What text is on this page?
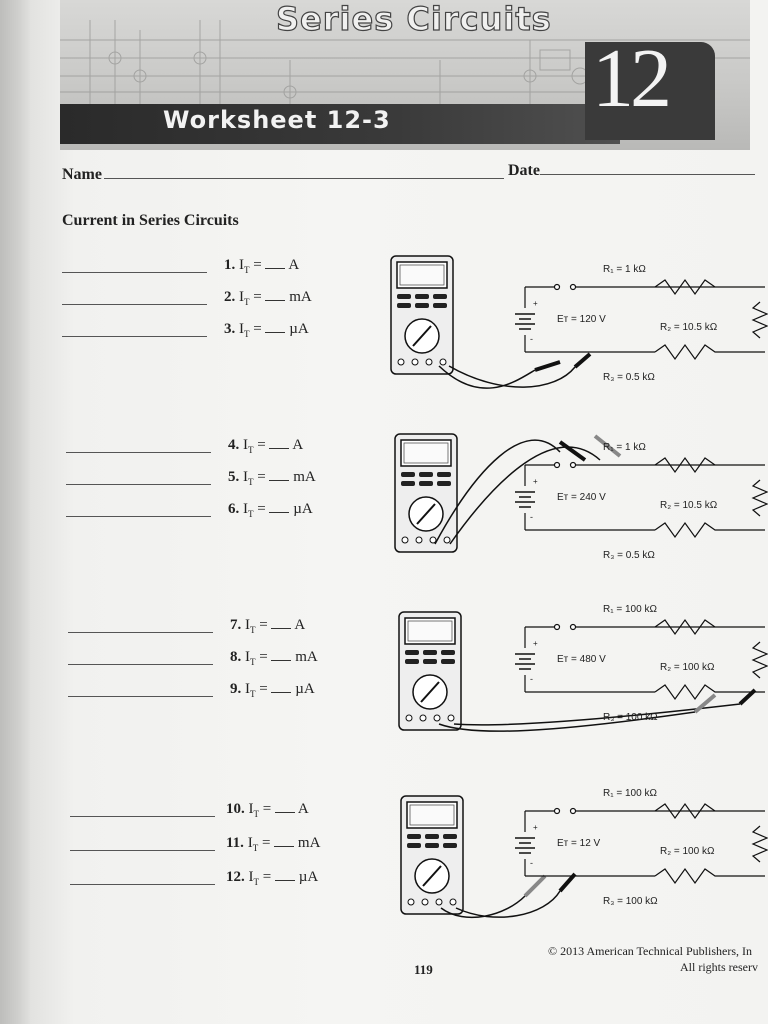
Series Circuits
Worksheet 12-3 12
Name	Date
Current in Series Circuits
1. $I_T = A$
2. $I_T$ =  mA
3. $I_T = \mu A$
4. $I_T = A$
5. $I_T$ =  mA
6. $I_T = \mu A$
7. $I_T = A$
8. $I_T$ =  mA
9. $I_T = \mu A$
10. $I_T = A$
11. $I_T$ =  mA
12. $I_T = \mu A$
R₁ = 1 kΩ
R₂ = 10.5 kΩ
R₃ = 0.5 kΩ
Eᴛ = 120 V
+
-
R₁ = 1 kΩ
R₂ = 10.5 kΩ
R₃ = 0.5 kΩ
Eᴛ = 240 V
+
-
R₁ = 100 kΩ
R₂ = 100 kΩ
R₃ = 100 kΩ
Eᴛ = 480 V
+
-
R₁ = 100 kΩ
R₂ = 100 kΩ
R₃ = 100 kΩ
Eᴛ = 12 V
+
-
119
© 2013 American Technical Publishers, In
All rights reserv
